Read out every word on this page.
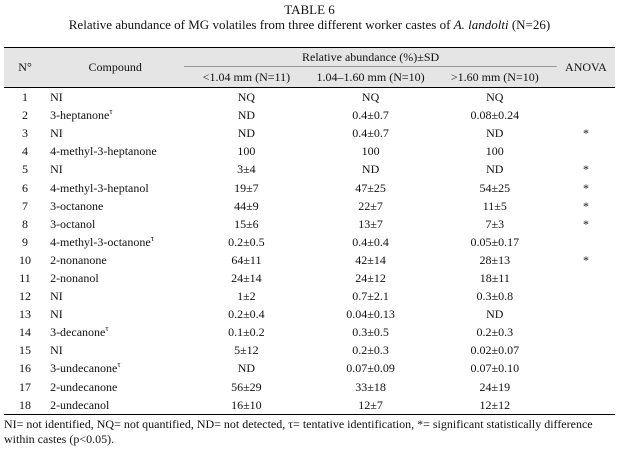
TABLE 6
Relative abundance of MG volatiles from three different worker castes of A. landolti (N=26)
N°	Compound	Relative abundance (%)±SD			ANOVA
		<1.04 mm (N=11)	1.04–1.60 mm (N=10)	>1.60 mm (N=10)	
1	NI	NQ	NQ	NQ	
2	3-heptanone$^\tau$	ND	0.4±0.7	0.08±0.24	
3	NI	ND	0.4±0.7	ND	*
4	4-methyl-3-heptanone	100	100	100	
5	NI	3±4	ND	ND	*
6	4-methyl-3-heptanol	19±7	47±25	54±25	*
7	3-octanone	44±9	22±7	11±5	*
8	3-octanol	15±6	13±7	7±3	*
9	4-methyl-3-octanone$^\tau$	0.2±0.5	0.4±0.4	0.05±0.17	
10	2-nonanone	64±11	42±14	28±13	*
11	2-nonanol	24±14	24±12	18±11	
12	NI	1±2	0.7±2.1	0.3±0.8	
13	NI	0.2±0.4	0.04±0.13	ND	
14	3-decanone$^\tau$	0.1±0.2	0.3±0.5	0.2±0.3	
15	NI	5±12	0.2±0.3	0.02±0.07	
16	3-undecanone$^\tau$	ND	0.07±0.09	0.07±0.10	
17	2-undecanone	56±29	33±18	24±19	
18	2-undecanol	16±10	12±7	12±12	
NI= not identified, NQ= not quantified, ND= not detected, τ= tentative identification, *= significant statistically difference within castes (p<0.05).
